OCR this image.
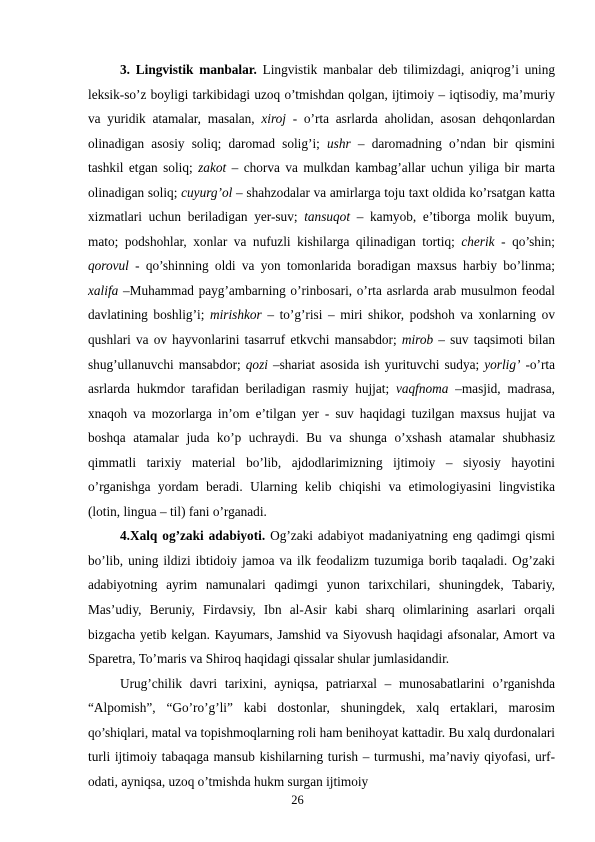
3. Lingvistik manbalar. Lingvistik manbalar deb tilimizdagi, aniqrog’i uning leksik-so’z boyligi tarkibidagi uzoq o’tmishdan qolgan, ijtimoiy – iqtisodiy, ma’muriy va yuridik atamalar, masalan, xiroj - o’rta asrlarda aholidan, asosan dehqonlardan olinadigan asosiy soliq; daromad solig’i; ushr – daromadning o’ndan bir qismini tashkil etgan soliq; zakot – chorva va mulkdan kambag’allar uchun yiliga bir marta olinadigan soliq; cuyurg’ol – shahzodalar va amirlarga toju taxt oldida ko’rsatgan katta xizmatlari uchun beriladigan yer-suv; tansuqot – kamyob, e’tiborga molik buyum, mato; podshohlar, xonlar va nufuzli kishilarga qilinadigan tortiq; cherik - qo’shin; qorovul - qo’shinning oldi va yon tomonlarida boradigan maxsus harbiy bo’linma; xalifa –Muhammad payg’ambarning o’rinbosari, o’rta asrlarda arab musulmon feodal davlatining boshlig’i; mirishkor – to’g’risi – miri shikor, podshoh va xonlarning ov qushlari va ov hayvonlarini tasarruf etkvchi mansabdor; mirob – suv taqsimoti bilan shug’ullanuvchi mansabdor; qozi –shariat asosida ish yurituvchi sudya; yorlig’ -o’rta asrlarda hukmdor tarafidan beriladigan rasmiy hujjat; vaqfnoma –masjid, madrasa, xnaqoh va mozorlarga in’om e’tilgan yer - suv haqidagi tuzilgan maxsus hujjat va boshqa atamalar juda ko’p uchraydi. Bu va shunga o’xshash atamalar shubhasiz qimmatli tarixiy material bo’lib, ajdodlarimizning ijtimoiy – siyosiy hayotini o’rganishga yordam beradi. Ularning kelib chiqishi va etimologiyasini lingvistika (lotin, lingua – til) fani o’rganadi.

4.Xalq og’zaki adabiyoti. Og’zaki adabiyot madaniyatning eng qadimgi qismi bo’lib, uning ildizi ibtidoiy jamoa va ilk feodalizm tuzumiga borib taqaladi. Og’zaki adabiyotning ayrim namunalari qadimgi yunon tarixchilari, shuningdek, Tabariy, Mas’udiy, Beruniy, Firdavsiy, Ibn al-Asir kabi sharq olimlarining asarlari orqali bizgacha yetib kelgan. Kayumars, Jamshid va Siyovush haqidagi afsonalar, Amort va Sparetra, To’maris va Shiroq haqidagi qissalar shular jumlasidandir.

Urug’chilik davri tarixini, ayniqsa, patriarxal – munosabatlarini o’rganishda “Alpomish”, “Go’ro’g’li” kabi dostonlar, shuningdek, xalq ertaklari, marosim qo’shiqlari, matal va topishmoqlarning roli ham benihoyat kattadir. Bu xalq durdonalari turli ijtimoiy tabaqaga mansub kishilarning turish – turmushi, ma’naviy qiyofasi, urf-odati, ayniqsa, uzoq o’tmishda hukm surgan ijtimoiy

26
